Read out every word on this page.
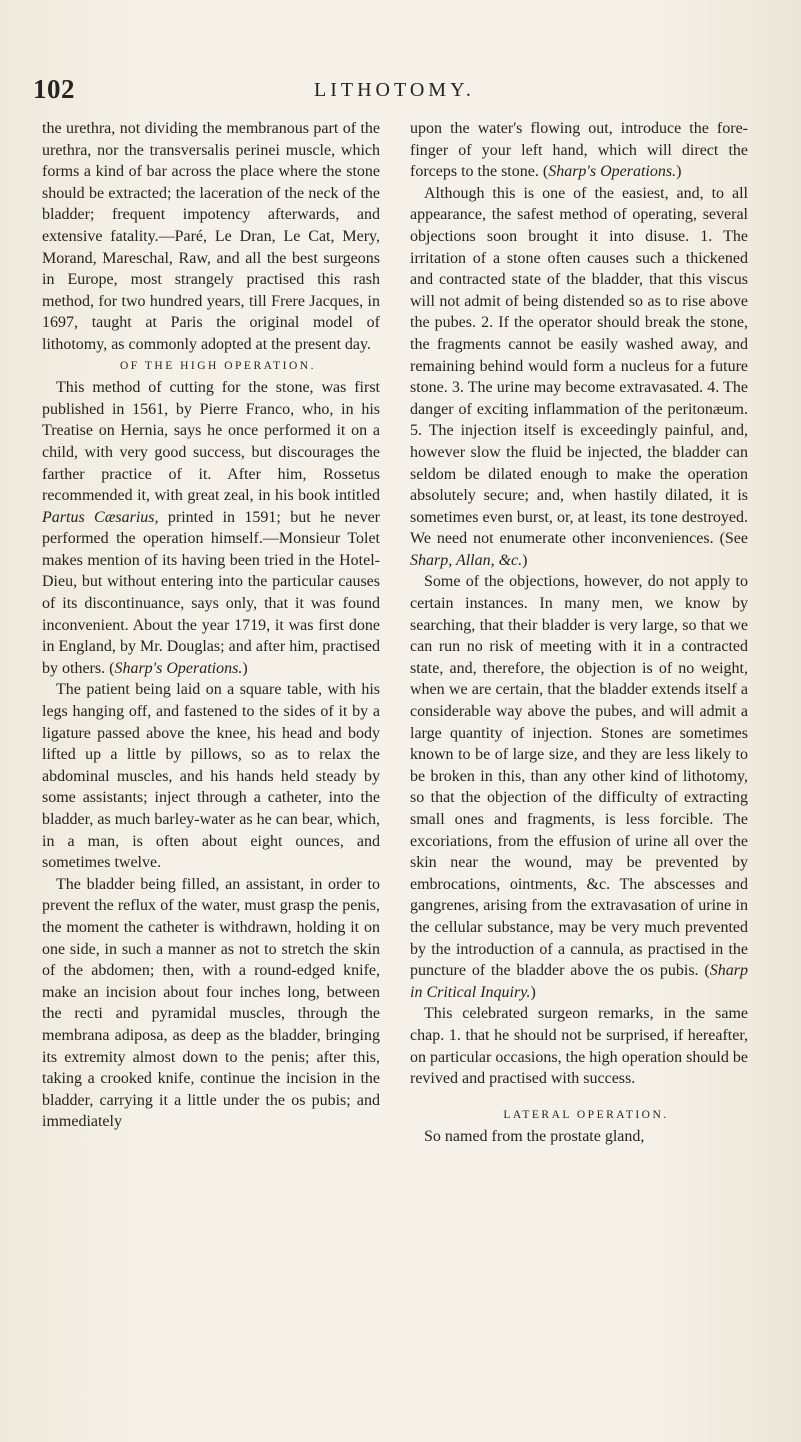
102	LITHOTOMY.

the urethra, not dividing the membranous part of the urethra, nor the transversalis perinei muscle, which forms a kind of bar across the place where the stone should be extracted; the laceration of the neck of the bladder; frequent impotency afterwards, and extensive fatality.—Paré, Le Dran, Le Cat, Mery, Morand, Mareschal, Raw, and all the best surgeons in Europe, most strangely practised this rash method, for two hundred years, till Frere Jacques, in 1697, taught at Paris the original model of lithotomy, as commonly adopted at the present day.

OF THE HIGH OPERATION.

This method of cutting for the stone, was first published in 1561, by Pierre Franco, who, in his Treatise on Hernia, says he once performed it on a child, with very good success, but discourages the farther practice of it. After him, Rossetus recommended it, with great zeal, in his book intitled Partus Cæsarius, printed in 1591; but he never performed the operation himself.—Monsieur Tolet makes mention of its having been tried in the Hotel-Dieu, but without entering into the particular causes of its discontinuance, says only, that it was found inconvenient. About the year 1719, it was first done in England, by Mr. Douglas; and after him, practised by others. (Sharp's Operations.)

The patient being laid on a square table, with his legs hanging off, and fastened to the sides of it by a ligature passed above the knee, his head and body lifted up a little by pillows, so as to relax the abdominal muscles, and his hands held steady by some assistants; inject through a catheter, into the bladder, as much barley-water as he can bear, which, in a man, is often about eight ounces, and sometimes twelve.

The bladder being filled, an assistant, in order to prevent the reflux of the water, must grasp the penis, the moment the catheter is withdrawn, holding it on one side, in such a manner as not to stretch the skin of the abdomen; then, with a round-edged knife, make an incision about four inches long, between the recti and pyramidal muscles, through the membrana adiposa, as deep as the bladder, bringing its extremity almost down to the penis; after this, taking a crooked knife, continue the incision in the bladder, carrying it a little under the os pubis; and immediately

upon the water's flowing out, introduce the fore-finger of your left hand, which will direct the forceps to the stone. (Sharp's Operations.)

Although this is one of the easiest, and, to all appearance, the safest method of operating, several objections soon brought it into disuse. 1. The irritation of a stone often causes such a thickened and contracted state of the bladder, that this viscus will not admit of being distended so as to rise above the pubes. 2. If the operator should break the stone, the fragments cannot be easily washed away, and remaining behind would form a nucleus for a future stone. 3. The urine may become extravasated. 4. The danger of exciting inflammation of the peritonæum. 5. The injection itself is exceedingly painful, and, however slow the fluid be injected, the bladder can seldom be dilated enough to make the operation absolutely secure; and, when hastily dilated, it is sometimes even burst, or, at least, its tone destroyed. We need not enumerate other inconveniences. (See Sharp, Allan, &c.)

Some of the objections, however, do not apply to certain instances. In many men, we know by searching, that their bladder is very large, so that we can run no risk of meeting with it in a contracted state, and, therefore, the objection is of no weight, when we are certain, that the bladder extends itself a considerable way above the pubes, and will admit a large quantity of injection. Stones are sometimes known to be of large size, and they are less likely to be broken in this, than any other kind of lithotomy, so that the objection of the difficulty of extracting small ones and fragments, is less forcible. The excoriations, from the effusion of urine all over the skin near the wound, may be prevented by embrocations, ointments, &c. The abscesses and gangrenes, arising from the extravasation of urine in the cellular substance, may be very much prevented by the introduction of a cannula, as practised in the puncture of the bladder above the os pubis. (Sharp in Critical Inquiry.)

This celebrated surgeon remarks, in the same chap. 1. that he should not be surprised, if hereafter, on particular occasions, the high operation should be revived and practised with success.

LATERAL OPERATION.

So named from the prostate gland,
